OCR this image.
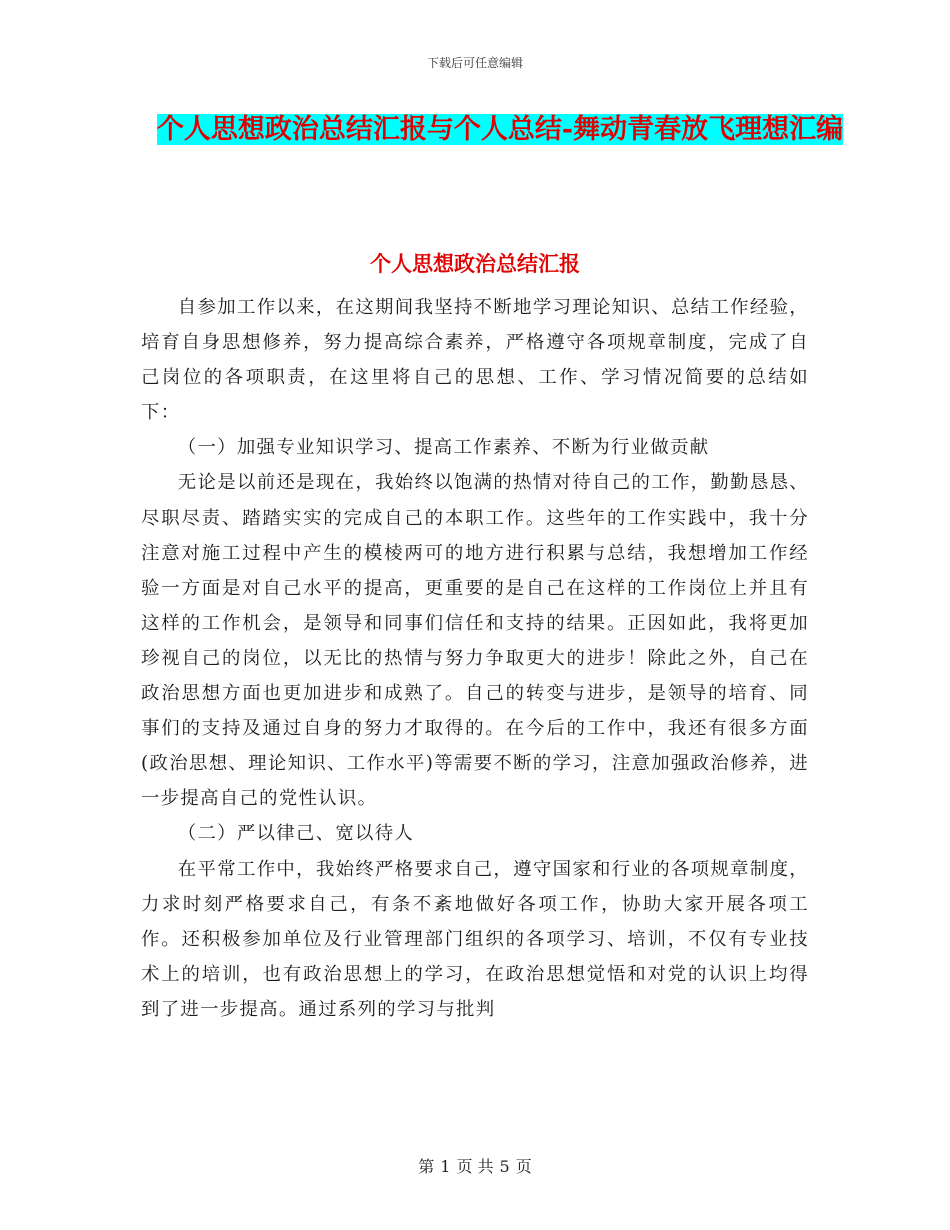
下载后可任意编辑
个人思想政治总结汇报与个人总结-舞动青春放飞理想汇编
个人思想政治总结汇报

自参加工作以来，在这期间我坚持不断地学习理论知识、总结工作经验，培育自身思想修养，努力提高综合素养，严格遵守各项规章制度，完成了自己岗位的各项职责，在这里将自己的思想、工作、学习情况简要的总结如下：

（一）加强专业知识学习、提高工作素养、不断为行业做贡献

无论是以前还是现在，我始终以饱满的热情对待自己的工作，勤勤恳恳、尽职尽责、踏踏实实的完成自己的本职工作。这些年的工作实践中，我十分注意对施工过程中产生的模棱两可的地方进行积累与总结，我想增加工作经验一方面是对自己水平的提高，更重要的是自己在这样的工作岗位上并且有这样的工作机会，是领导和同事们信任和支持的结果。正因如此，我将更加珍视自己的岗位，以无比的热情与努力争取更大的进步！除此之外，自己在政治思想方面也更加进步和成熟了。自己的转变与进步，是领导的培育、同事们的支持及通过自身的努力才取得的。在今后的工作中，我还有很多方面(政治思想、理论知识、工作水平)等需要不断的学习，注意加强政治修养，进一步提高自己的党性认识。

（二）严以律己、宽以待人

在平常工作中，我始终严格要求自己，遵守国家和行业的各项规章制度，力求时刻严格要求自己，有条不紊地做好各项工作，协助大家开展各项工作。还积极参加单位及行业管理部门组织的各项学习、培训，不仅有专业技术上的培训，也有政治思想上的学习，在政治思想觉悟和对党的认识上均得到了进一步提高。通过系列的学习与批判

第 1 页 共 5 页
